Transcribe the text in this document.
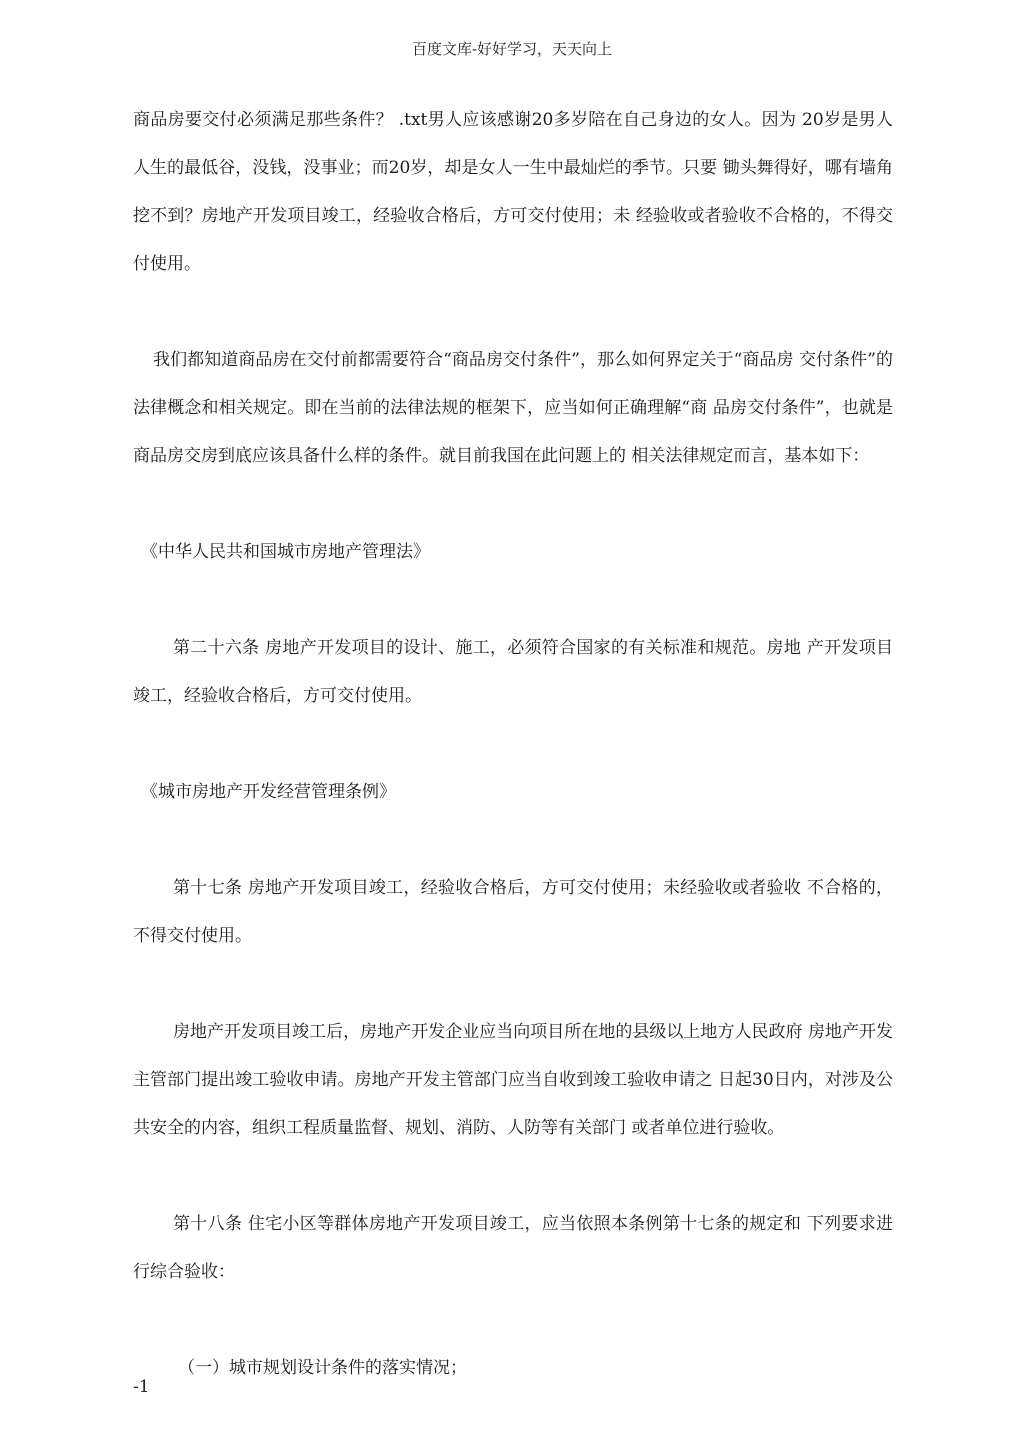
百度文库-好好学习，天天向上

商品房要交付必须满足那些条件？ .txt男人应该感谢20多岁陪在自己身边的女人。因为 20岁是男人人生的最低谷，没钱，没事业；而20岁，却是女人一生中最灿烂的季节。只要 锄头舞得好，哪有墙角挖不到？房地产开发项目竣工，经验收合格后，方可交付使用；未 经验收或者验收不合格的，不得交付使用。

我们都知道商品房在交付前都需要符合“商品房交付条件”，那么如何界定关于“商品房 交付条件”的法律概念和相关规定。即在当前的法律法规的框架下，应当如何正确理解“商 品房交付条件”，也就是商品房交房到底应该具备什么样的条件。就目前我国在此问题上的 相关法律规定而言，基本如下：

《中华人民共和国城市房地产管理法》

第二十六条 房地产开发项目的设计、施工，必须符合国家的有关标准和规范。房地 产开发项目竣工，经验收合格后，方可交付使用。

《城市房地产开发经营管理条例》

第十七条 房地产开发项目竣工，经验收合格后，方可交付使用；未经验收或者验收 不合格的，不得交付使用。

房地产开发项目竣工后，房地产开发企业应当向项目所在地的县级以上地方人民政府 房地产开发主管部门提出竣工验收申请。房地产开发主管部门应当自收到竣工验收申请之 日起30日内，对涉及公共安全的内容，组织工程质量监督、规划、消防、人防等有关部门 或者单位进行验收。

第十八条 住宅小区等群体房地产开发项目竣工，应当依照本条例第十七条的规定和 下列要求进行综合验收：

（一）城市规划设计条件的落实情况；

-1
